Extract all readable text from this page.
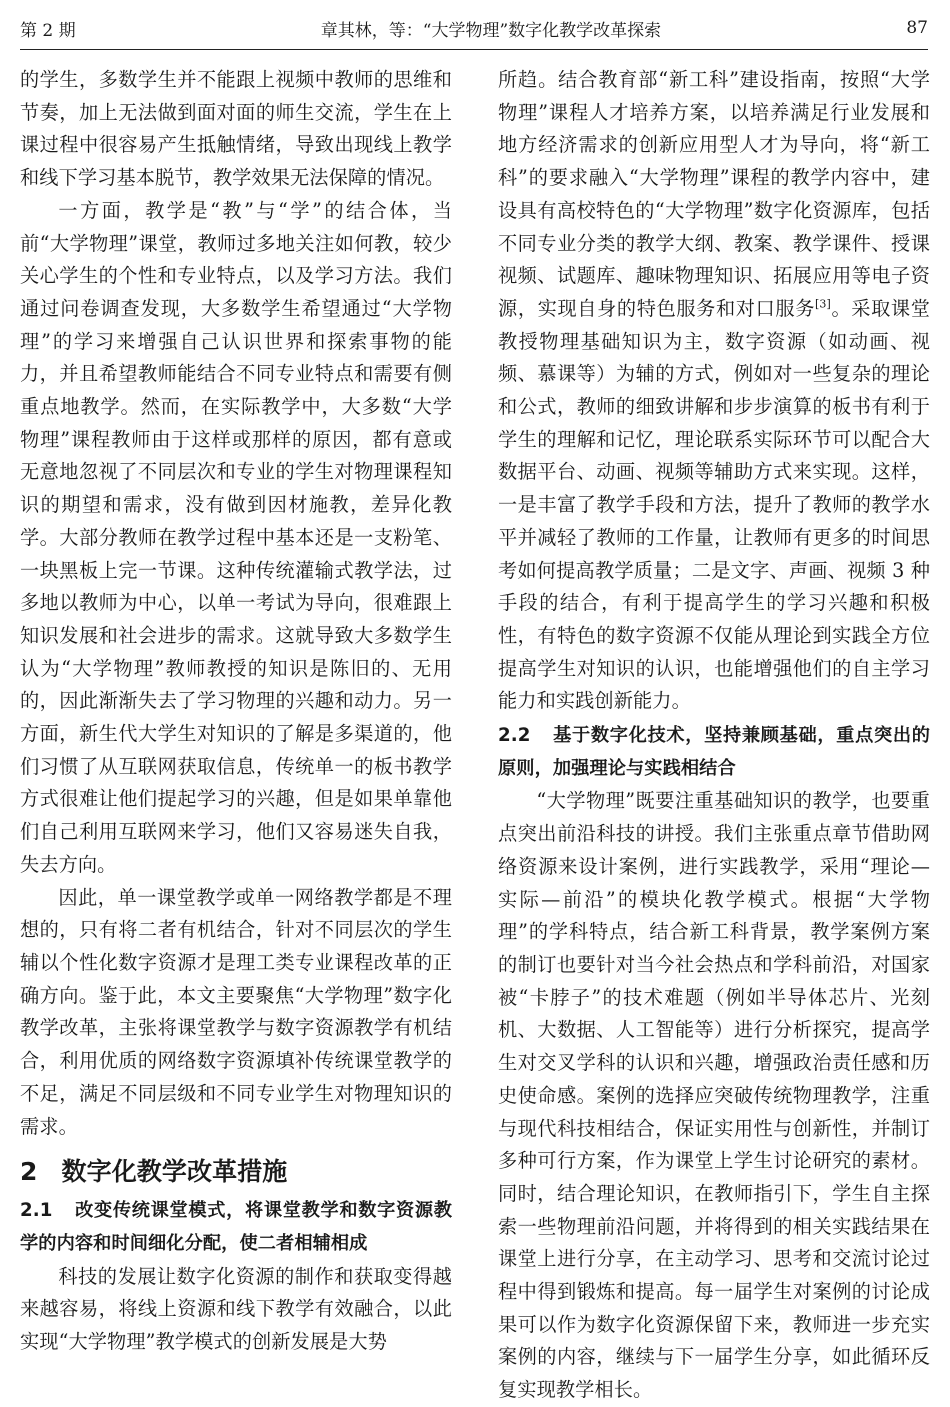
第 2 期	章其林，等：“大学物理”数字化教学改革探索	87

的学生，多数学生并不能跟上视频中教师的思维和节奏，加上无法做到面对面的师生交流，学生在上课过程中很容易产生抵触情绪，导致出现线上教学和线下学习基本脱节，教学效果无法保障的情况。

一方面，教学是“教”与“学”的结合体，当前“大学物理”课堂，教师过多地关注如何教，较少关心学生的个性和专业特点，以及学习方法。我们通过问卷调查发现，大多数学生希望通过“大学物理”的学习来增强自己认识世界和探索事物的能力，并且希望教师能结合不同专业特点和需要有侧重点地教学。然而，在实际教学中，大多数“大学物理”课程教师由于这样或那样的原因，都有意或无意地忽视了不同层次和专业的学生对物理课程知识的期望和需求，没有做到因材施教，差异化教学。大部分教师在教学过程中基本还是一支粉笔、一块黑板上完一节课。这种传统灌输式教学法，过多地以教师为中心，以单一考试为导向，很难跟上知识发展和社会进步的需求。这就导致大多数学生认为“大学物理”教师教授的知识是陈旧的、无用的，因此渐渐失去了学习物理的兴趣和动力。另一方面，新生代大学生对知识的了解是多渠道的，他们习惯了从互联网获取信息，传统单一的板书教学方式很难让他们提起学习的兴趣，但是如果单靠他们自己利用互联网来学习，他们又容易迷失自我，失去方向。

因此，单一课堂教学或单一网络教学都是不理想的，只有将二者有机结合，针对不同层次的学生辅以个性化数字资源才是理工类专业课程改革的正确方向。鉴于此，本文主要聚焦“大学物理”数字化教学改革，主张将课堂教学与数字资源教学有机结合，利用优质的网络数字资源填补传统课堂教学的不足，满足不同层级和不同专业学生对物理知识的需求。

2 数字化教学改革措施
2.1 改变传统课堂模式，将课堂教学和数字资源教学的内容和时间细化分配，使二者相辅相成

科技的发展让数字化资源的制作和获取变得越来越容易，将线上资源和线下教学有效融合，以此实现“大学物理”教学模式的创新发展是大势

所趋。结合教育部“新工科”建设指南，按照“大学物理”课程人才培养方案，以培养满足行业发展和地方经济需求的创新应用型人才为导向，将“新工科”的要求融入“大学物理”课程的教学内容中，建设具有高校特色的“大学物理”数字化资源库，包括不同专业分类的教学大纲、教案、教学课件、授课视频、试题库、趣味物理知识、拓展应用等电子资源，实现自身的特色服务和对口服务[3]。采取课堂教授物理基础知识为主，数字资源（如动画、视频、慕课等）为辅的方式，例如对一些复杂的理论和公式，教师的细致讲解和步步演算的板书有利于学生的理解和记忆，理论联系实际环节可以配合大数据平台、动画、视频等辅助方式来实现。这样，一是丰富了教学手段和方法，提升了教师的教学水平并减轻了教师的工作量，让教师有更多的时间思考如何提高教学质量；二是文字、声画、视频 3 种手段的结合，有利于提高学生的学习兴趣和积极性，有特色的数字资源不仅能从理论到实践全方位提高学生对知识的认识，也能增强他们的自主学习能力和实践创新能力。

2.2 基于数字化技术，坚持兼顾基础，重点突出的原则，加强理论与实践相结合

“大学物理”既要注重基础知识的教学，也要重点突出前沿科技的讲授。我们主张重点章节借助网络资源来设计案例，进行实践教学，采用“理论—实际—前沿”的模块化教学模式。根据“大学物理”的学科特点，结合新工科背景，教学案例方案的制订也要针对当今社会热点和学科前沿，对国家被“卡脖子”的技术难题（例如半导体芯片、光刻机、大数据、人工智能等）进行分析探究，提高学生对交叉学科的认识和兴趣，增强政治责任感和历史使命感。案例的选择应突破传统物理教学，注重与现代科技相结合，保证实用性与创新性，并制订多种可行方案，作为课堂上学生讨论研究的素材。同时，结合理论知识，在教师指引下，学生自主探索一些物理前沿问题，并将得到的相关实践结果在课堂上进行分享，在主动学习、思考和交流讨论过程中得到锻炼和提高。每一届学生对案例的讨论成果可以作为数字化资源保留下来，教师进一步充实案例的内容，继续与下一届学生分享，如此循环反复实现教学相长。
